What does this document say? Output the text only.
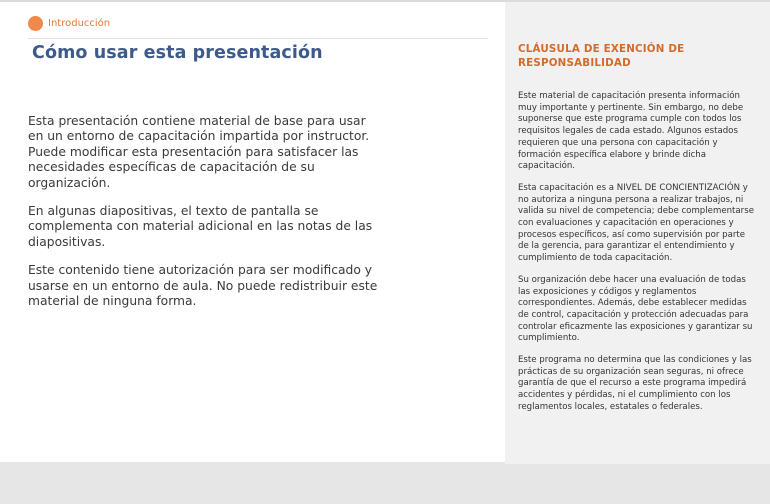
Introducción
Cómo usar esta presentación

Esta presentación contiene material de base para usar en un entorno de capacitación impartida por instructor. Puede modificar esta presentación para satisfacer las necesidades específicas de capacitación de su organización.

En algunas diapositivas, el texto de pantalla se complementa con material adicional en las notas de las diapositivas.

Este contenido tiene autorización para ser modificado y usarse en un entorno de aula. No puede redistribuir este material de ninguna forma.

CLÁUSULA DE EXENCIÓN DE RESPONSABILIDAD

Este material de capacitación presenta información muy importante y pertinente. Sin embargo, no debe suponerse que este programa cumple con todos los requisitos legales de cada estado. Algunos estados requieren que una persona con capacitación y formación específica elabore y brinde dicha capacitación.

Esta capacitación es a NIVEL DE CONCIENTIZACIÓN y no autoriza a ninguna persona a realizar trabajos, ni valida su nivel de competencia; debe complementarse con evaluaciones y capacitación en operaciones y procesos específicos, así como supervisión por parte de la gerencia, para garantizar el entendimiento y cumplimiento de toda capacitación.

Su organización debe hacer una evaluación de todas las exposiciones y códigos y reglamentos correspondientes. Además, debe establecer medidas de control, capacitación y protección adecuadas para controlar eficazmente las exposiciones y garantizar su cumplimiento.

Este programa no determina que las condiciones y las prácticas de su organización sean seguras, ni ofrece garantía de que el recurso a este programa impedirá accidentes y pérdidas, ni el cumplimiento con los reglamentos locales, estatales o federales.
